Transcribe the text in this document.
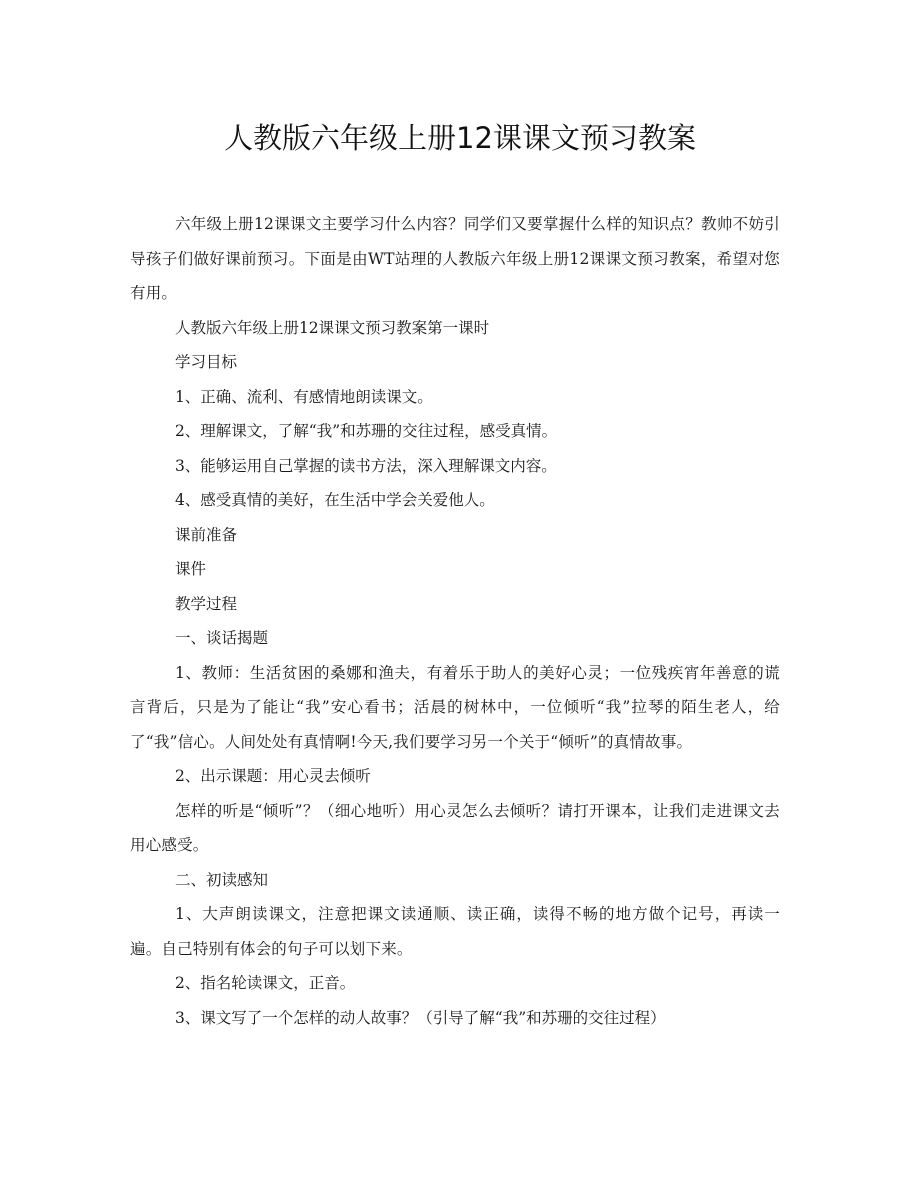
人教版六年级上册12课课文预习教案

六年级上册12课课文主要学习什么内容？同学们又要掌握什么样的知识点？教帅不妨引导孩子们做好课前预习。下面是由WT站理的人教版六年级上册12课课文预习教案，希望对您有用。

人教版六年级上册12课课文预习教案第一课时

学习目标

1、正确、流利、有感情地朗读课文。

2、理解课文，了解“我”和苏珊的交往过程，感受真情。

3、能够运用自己掌握的读书方法，深入理解课文内容。

4、感受真情的美好，在生活中学会关爱他人。

课前准备

课件

教学过程

一、谈话揭题

1、教师：生活贫困的桑娜和渔夫，有着乐于助人的美好心灵；一位残疾宵年善意的谎言背后，只是为了能让“我”安心看书；活晨的树林中，一位倾听“我”拉琴的陌生老人，给了“我”信心。人间处处有真情啊!今天,我们要学习另一个关于“倾听”的真情故事。

2、出示课题：用心灵去倾听

怎样的听是“倾听”？（细心地听）用心灵怎么去倾听？请打开课本，让我们走进课文去用心感受。

二、初读感知

1、大声朗读课文，注意把课文读通顺、读正确，读得不畅的地方做个记号，再读一遍。自己特别有体会的句子可以划下来。

2、指名轮读课文，正音。

3、课文写了一个怎样的动人故事？（引导了解“我”和苏珊的交往过程）
